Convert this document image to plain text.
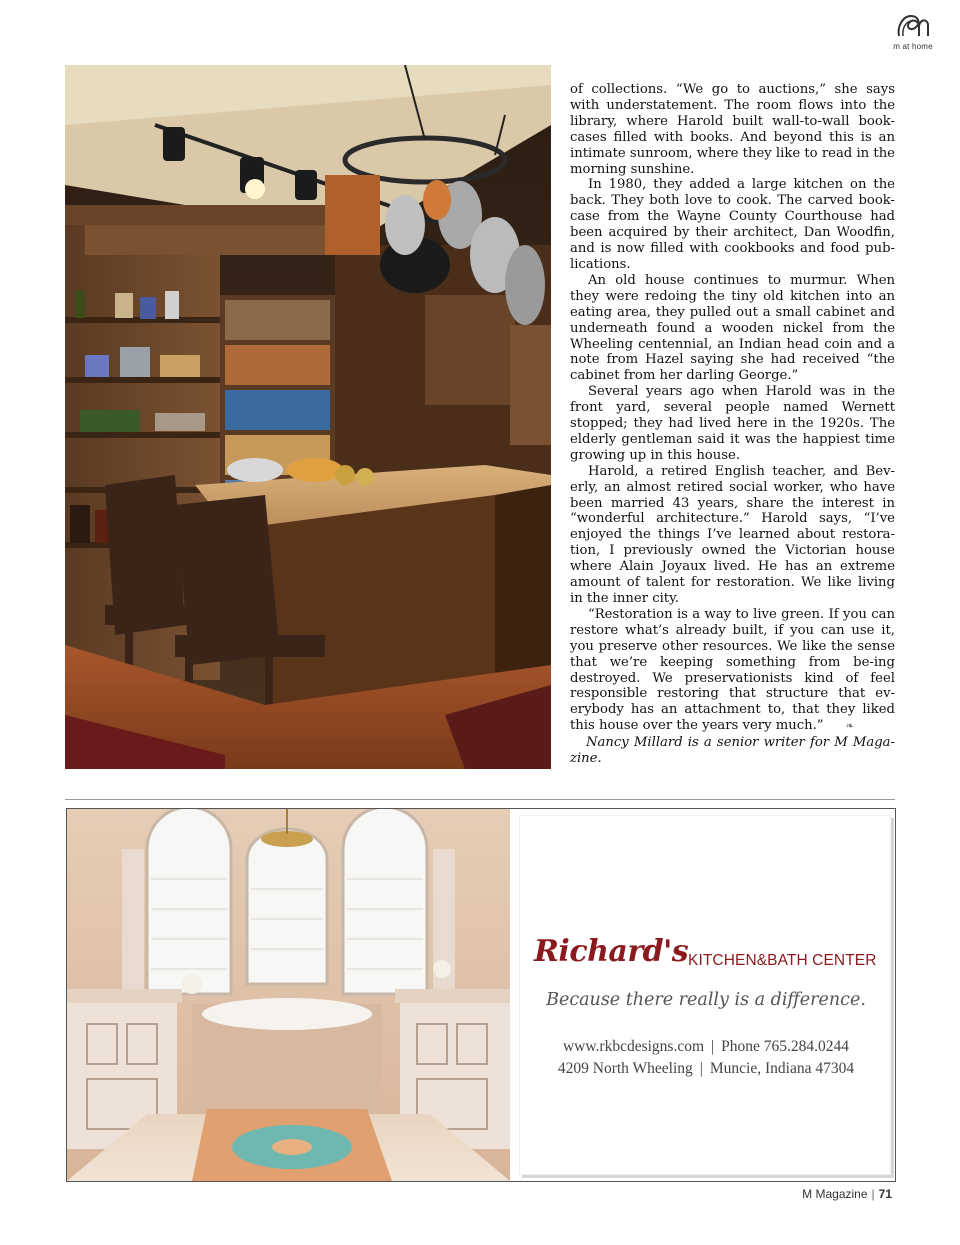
m at home

of collections. “We go to auctions,” she says with understatement. The room flows into the library, where Harold built wall-to-wall book-cases filled with books. And beyond this is an intimate sunroom, where they like to read in the morning sunshine.

In 1980, they added a large kitchen on the back. They both love to cook. The carved book-case from the Wayne County Courthouse had been acquired by their architect, Dan Woodfin, and is now filled with cookbooks and food pub-lications.

An old house continues to murmur. When they were redoing the tiny old kitchen into an eating area, they pulled out a small cabinet and underneath found a wooden nickel from the Wheeling centennial, an Indian head coin and a note from Hazel saying she had received “the cabinet from her darling George.”

Several years ago when Harold was in the front yard, several people named Wernett stopped; they had lived here in the 1920s. The elderly gentleman said it was the happiest time growing up in this house.

Harold, a retired English teacher, and Bev-erly, an almost retired social worker, who have been married 43 years, share the interest in “wonderful architecture.” Harold says, “I’ve enjoyed the things I’ve learned about restora-tion, I previously owned the Victorian house where Alain Joyaux lived. He has an extreme amount of talent for restoration. We like living in the inner city.

“Restoration is a way to live green. If you can restore what’s already built, if you can use it, you preserve other resources. We like the sense that we’re keeping something from be-ing destroyed. We preservationists kind of feel responsible restoring that structure that ev-erybody has an attachment to, that they liked this house over the years very much.” ❧

Nancy Millard is a senior writer for M Maga-zine.

Richard's KITCHEN&BATH CENTER
Because there really is a difference.
www.rkbcdesigns.com | Phone 765.284.0244
4209 North Wheeling | Muncie, Indiana 47304
M Magazine | 71
